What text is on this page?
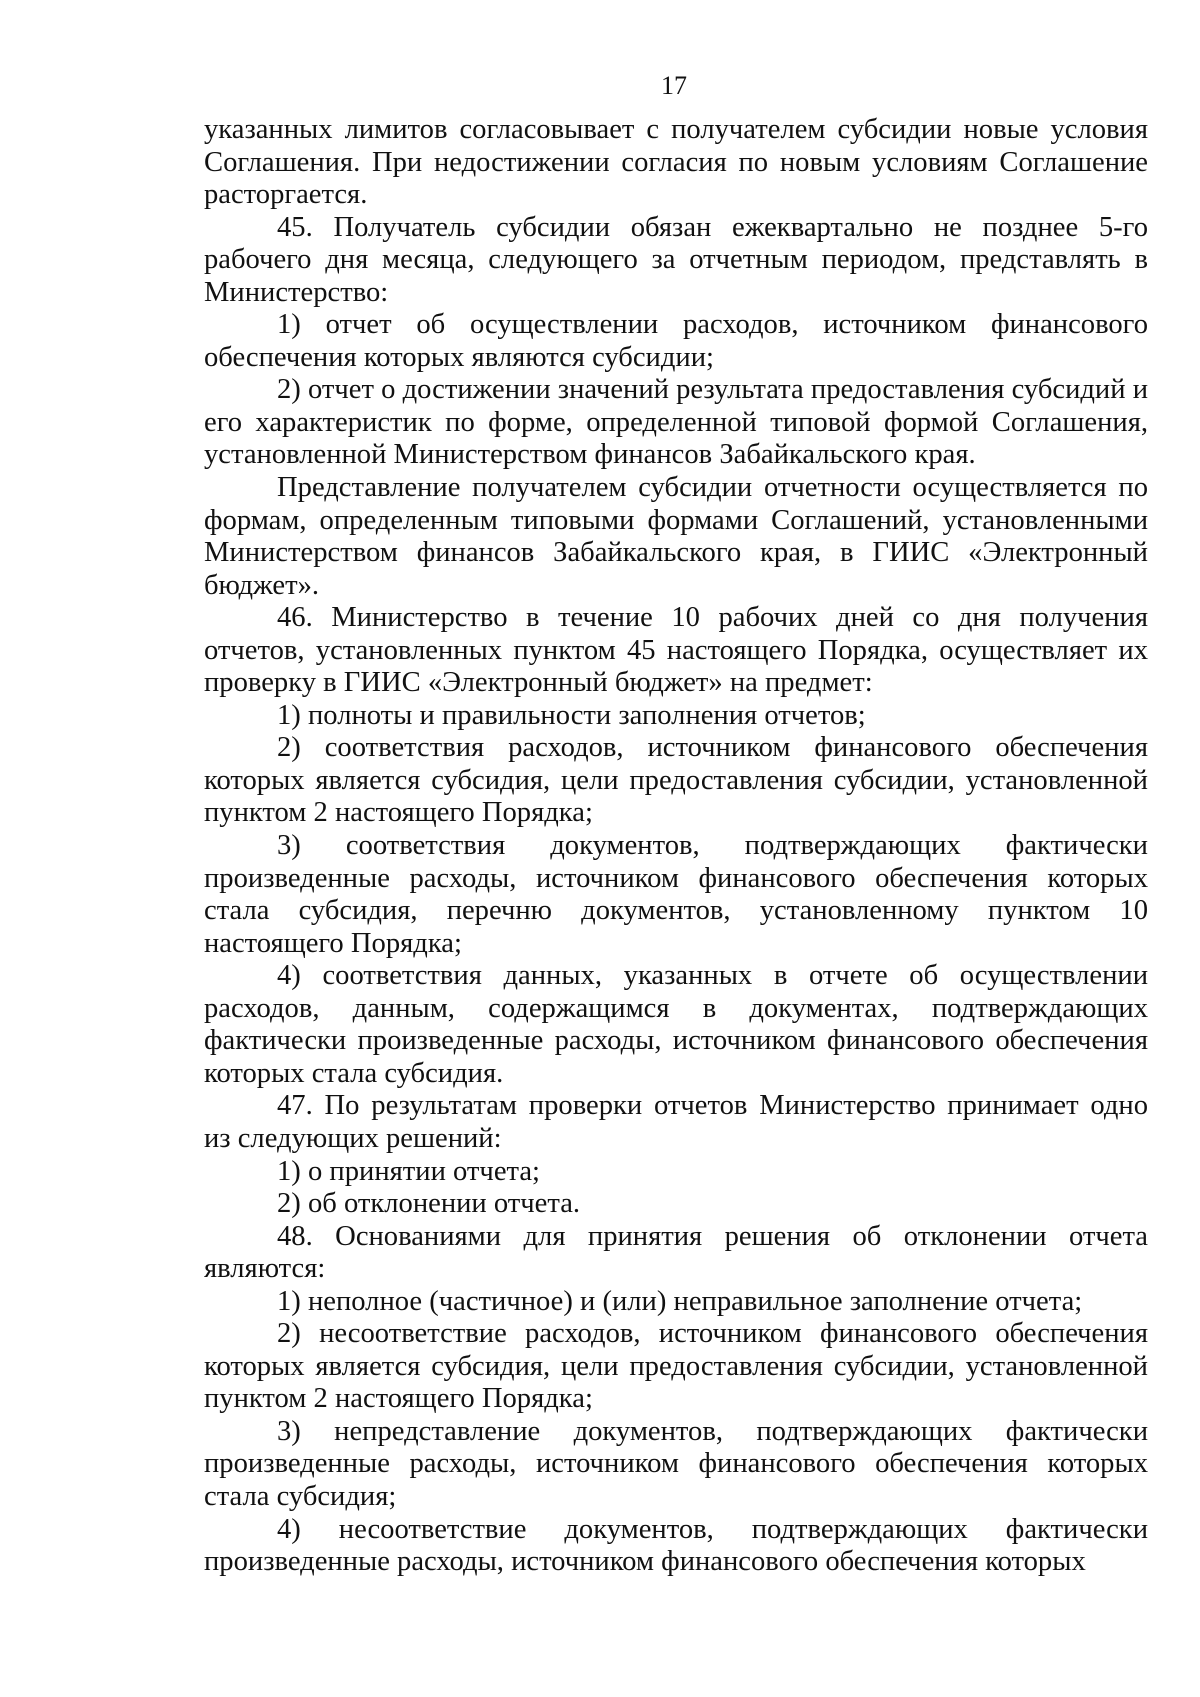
17

указанных лимитов согласовывает с получателем субсидии новые условия Соглашения. При недостижении согласия по новым условиям Соглашение расторгается.

45. Получатель субсидии обязан ежеквартально не позднее 5-го рабочего дня месяца, следующего за отчетным периодом, представлять в Министерство:

1) отчет об осуществлении расходов, источником финансового обеспечения которых являются субсидии;

2) отчет о достижении значений результата предоставления субсидий и его характеристик по форме, определенной типовой формой Соглашения, установленной Министерством финансов Забайкальского края.

Представление получателем субсидии отчетности осуществляется по формам, определенным типовыми формами Соглашений, установленными Министерством финансов Забайкальского края, в ГИИС «Электронный бюджет».

46. Министерство в течение 10 рабочих дней со дня получения отчетов, установленных пунктом 45 настоящего Порядка, осуществляет их проверку в ГИИС «Электронный бюджет» на предмет:

1) полноты и правильности заполнения отчетов;

2) соответствия расходов, источником финансового обеспечения которых является субсидия, цели предоставления субсидии, установленной пунктом 2 настоящего Порядка;

3) соответствия документов, подтверждающих фактически произведенные расходы, источником финансового обеспечения которых стала субсидия, перечню документов, установленному пунктом 10 настоящего Порядка;

4) соответствия данных, указанных в отчете об осуществлении расходов, данным, содержащимся в документах, подтверждающих фактически произведенные расходы, источником финансового обеспечения которых стала субсидия.

47. По результатам проверки отчетов Министерство принимает одно из следующих решений:

1) о принятии отчета;

2) об отклонении отчета.

48. Основаниями для принятия решения об отклонении отчета являются:

1) неполное (частичное) и (или) неправильное заполнение отчета;

2) несоответствие расходов, источником финансового обеспечения которых является субсидия, цели предоставления субсидии, установленной пунктом 2 настоящего Порядка;

3) непредставление документов, подтверждающих фактически произведенные расходы, источником финансового обеспечения которых стала субсидия;

4) несоответствие документов, подтверждающих фактически произведенные расходы, источником финансового обеспечения которых
